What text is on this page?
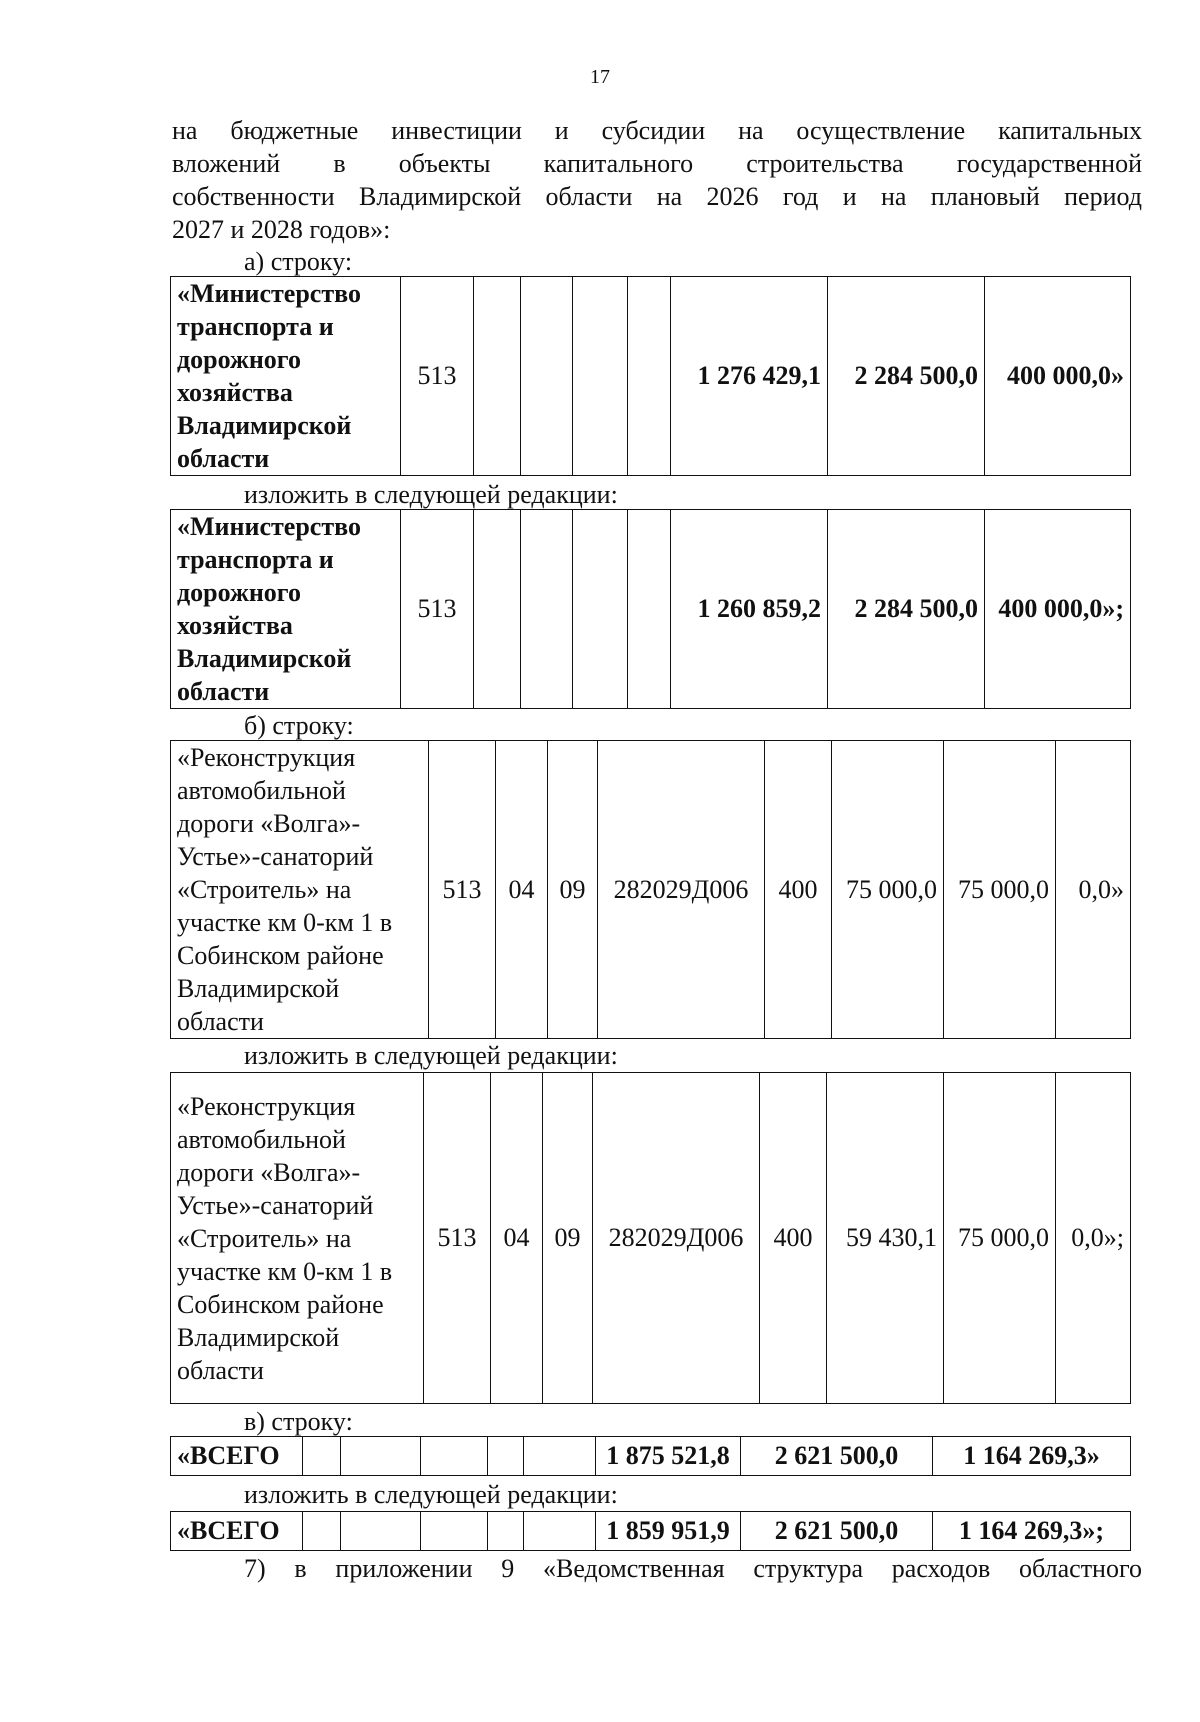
17
на бюджетные инвестиции и субсидии на осуществление капитальных
вложений в объекты капитального строительства государственной
собственности Владимирской области на 2026 год и на плановый период
2027 и 2028 годов»:
а) строку:
«Министерство транспорта и дорожного хозяйства Владимирской области	513					1 276 429,1	2 284 500,0	400 000,0»
изложить в следующей редакции:
«Министерство транспорта и дорожного хозяйства Владимирской области	513					1 260 859,2	2 284 500,0	400 000,0»;
б) строку:
«Реконструкция автомобильной дороги «Волга»-Устье»-санаторий «Строитель» на участке км 0-км 1 в Собинском районе Владимирской области	513	04	09	282029Д006	400	75 000,0	75 000,0	0,0»
изложить в следующей редакции:
«Реконструкция автомобильной дороги «Волга»-Устье»-санаторий «Строитель» на участке км 0-км 1 в Собинском районе Владимирской области	513	04	09	282029Д006	400	59 430,1	75 000,0	0,0»;
в) строку:
«ВСЕГО						1 875 521,8	2 621 500,0	1 164 269,3»
изложить в следующей редакции:
«ВСЕГО						1 859 951,9	2 621 500,0	1 164 269,3»;
7) в приложении 9 «Ведомственная структура расходов областного
